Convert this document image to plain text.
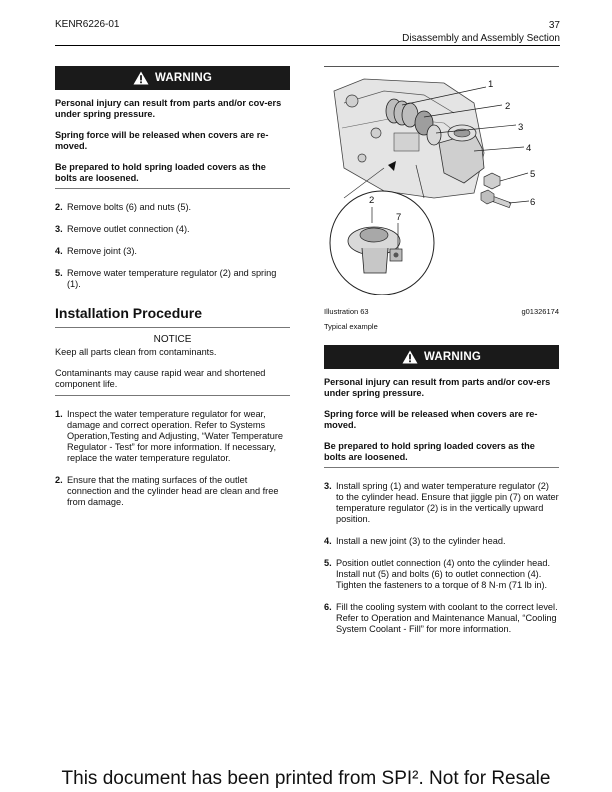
KENR6226-01	37
Disassembly and Assembly Section
WARNING

Personal injury can result from parts and/or cov-ers under spring pressure.

Spring force will be released when covers are re-moved.

Be prepared to hold spring loaded covers as the bolts are loosened.

2. Remove bolts (6) and nuts (5).
3. Remove outlet connection (4).
4. Remove joint (3).
5. Remove water temperature regulator (2) and spring (1).
Installation Procedure
NOTICE

Keep all parts clean from contaminants.

Contaminants may cause rapid wear and shortened component life.

1. Inspect the water temperature regulator for wear, damage and correct operation. Refer to Systems Operation,Testing and Adjusting, “Water Temperature Regulator - Test” for more information. If necessary, replace the water temperature regulator.
2. Ensure that the mating surfaces of the outlet connection and the cylinder head are clean and free from damage.
1
2
3
4
5
6
2
7
Illustration 63	g01326174
Typical example
WARNING

Personal injury can result from parts and/or cov-ers under spring pressure.

Spring force will be released when covers are re-moved.

Be prepared to hold spring loaded covers as the bolts are loosened.

3. Install spring (1) and water temperature regulator (2) to the cylinder head. Ensure that jiggle pin (7) on water temperature regulator (2) is in the vertically upward position.
4. Install a new joint (3) to the cylinder head.
5. Position outlet connection (4) onto the cylinder head. Install nut (5) and bolts (6) to outlet connection (4). Tighten the fasteners to a torque of 8 N·m (71 lb in).
6. Fill the cooling system with coolant to the correct level. Refer to Operation and Maintenance Manual, “Cooling System Coolant - Fill” for more information.
This document has been printed from SPI². Not for Resale
